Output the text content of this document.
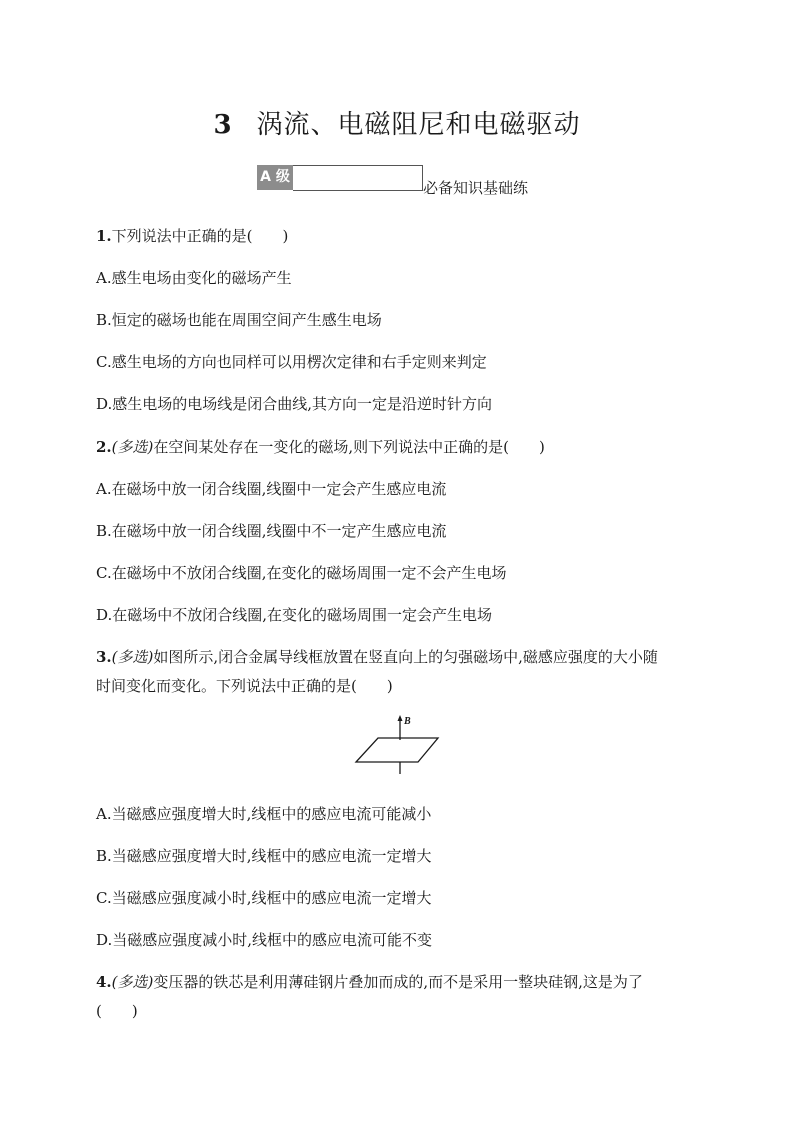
3 涡流、电磁阻尼和电磁驱动
A 级
必备知识基础练
1.下列说法中正确的是(　　)
A.感生电场由变化的磁场产生
B.恒定的磁场也能在周围空间产生感生电场
C.感生电场的方向也同样可以用楞次定律和右手定则来判定
D.感生电场的电场线是闭合曲线,其方向一定是沿逆时针方向
2.(多选)在空间某处存在一变化的磁场,则下列说法中正确的是(　　)
A.在磁场中放一闭合线圈,线圈中一定会产生感应电流
B.在磁场中放一闭合线圈,线圈中不一定产生感应电流
C.在磁场中不放闭合线圈,在变化的磁场周围一定不会产生电场
D.在磁场中不放闭合线圈,在变化的磁场周围一定会产生电场
3.(多选)如图所示,闭合金属导线框放置在竖直向上的匀强磁场中,磁感应强度的大小随
时间变化而变化。下列说法中正确的是(　　)
B
A.当磁感应强度增大时,线框中的感应电流可能减小
B.当磁感应强度增大时,线框中的感应电流一定增大
C.当磁感应强度减小时,线框中的感应电流一定增大
D.当磁感应强度减小时,线框中的感应电流可能不变
4.(多选)变压器的铁芯是利用薄硅钢片叠加而成的,而不是采用一整块硅钢,这是为了
(　　)
